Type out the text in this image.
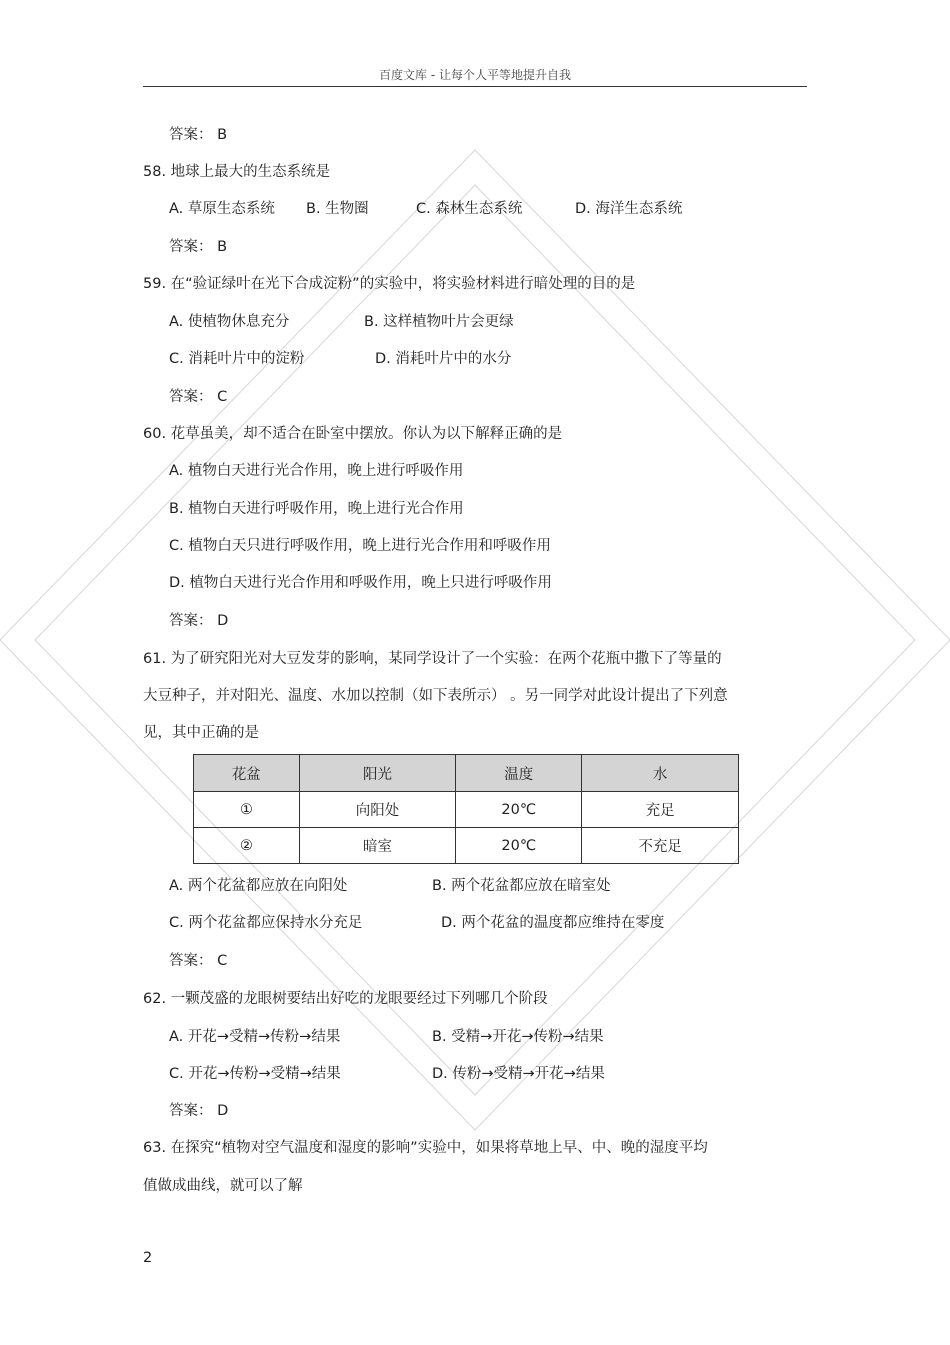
百度文库 - 让每个人平等地提升自我
答案： B
58. 地球上最大的生态系统是
A. 草原生态系统 B. 生物圈	C. 森林生态系统	D. 海洋生态系统
答案： B
59. 在“验证绿叶在光下合成淀粉”的实验中，将实验材料进行暗处理的目的是
A. 使植物休息充分	B. 这样植物叶片会更绿
C. 消耗叶片中的淀粉	D. 消耗叶片中的水分
答案： C
60. 花草虽美，却不适合在卧室中摆放。你认为以下解释正确的是
A. 植物白天进行光合作用，晚上进行呼吸作用
B. 植物白天进行呼吸作用，晚上进行光合作用
C. 植物白天只进行呼吸作用，晚上进行光合作用和呼吸作用
D. 植物白天进行光合作用和呼吸作用，晚上只进行呼吸作用
答案： D
61. 为了研究阳光对大豆发芽的影响，某同学设计了一个实验：在两个花瓶中撒下了等量的
大豆种子，并对阳光、温度、水加以控制（如下表所示） 。另一同学对此设计提出了下列意
见，其中正确的是
花盆	阳光	温度	水
①	向阳处	20℃	充足
②	暗室	20℃	不充足
A. 两个花盆都应放在向阳处	B. 两个花盆都应放在暗室处
C. 两个花盆都应保持水分充足	D. 两个花盆的温度都应维持在零度
答案： C
62. 一颗茂盛的龙眼树要结出好吃的龙眼要经过下列哪几个阶段
A. 开花→受精→传粉→结果	B. 受精→开花→传粉→结果
C. 开花→传粉→受精→结果	D. 传粉→受精→开花→结果
答案： D
63. 在探究“植物对空气温度和湿度的影响”实验中，如果将草地上早、中、晚的湿度平均
值做成曲线，就可以了解
2
